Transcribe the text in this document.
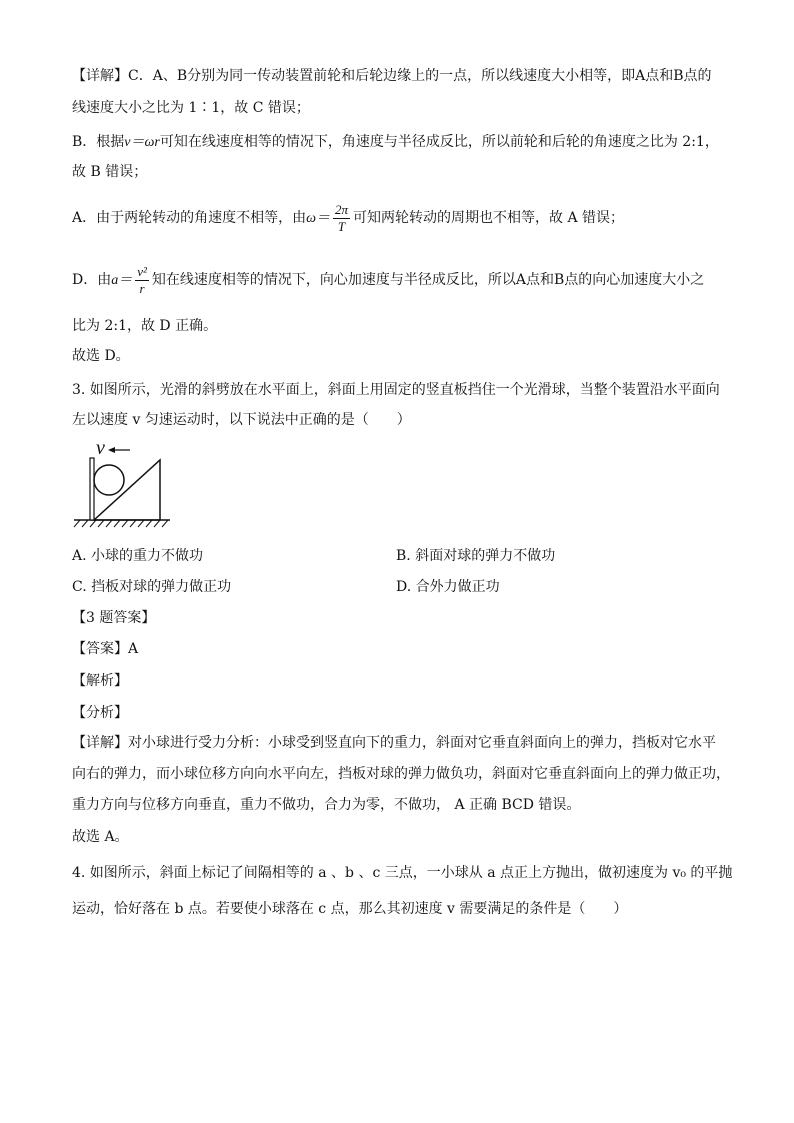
【详解】C．A、B分别为同一传动装置前轮和后轮边缘上的一点，所以线速度大小相等，即A点和B点的
线速度大小之比为 1∶1，故 C 错误；
B．根据v＝ωr可知在线速度相等的情况下，角速度与半径成反比，所以前轮和后轮的角速度之比为 2:1，
故 B 错误；
A．由于两轮转动的角速度不相等，由$\omega= \frac{2\pi}{T}$ 可知两轮转动的周期也不相等，故 A 错误；
D．由$a= \frac{\text{v²}}{r}$ 知在线速度相等的情况下，向心加速度与半径成反比，所以A点和B点的向心加速度大小之
比为 2:1，故 D 正确。
故选 D。
3. 如图所示，光滑的斜劈放在水平面上，斜面上用固定的竖直板挡住一个光滑球，当整个装置沿水平面向
左以速度 v 匀速运动时，以下说法中正确的是（　　）
v
A. 小球的重力不做功	B. 斜面对球的弹力不做功
C. 挡板对球的弹力做正功	D. 合外力做正功
【3 题答案】
【答案】A
【解析】
【分析】
【详解】对小球进行受力分析：小球受到竖直向下的重力，斜面对它垂直斜面向上的弹力，挡板对它水平
向右的弹力，而小球位移方向向水平向左，挡板对球的弹力做负功，斜面对它垂直斜面向上的弹力做正功，
重力方向与位移方向垂直，重力不做功，合力为零，不做功， A 正确 BCD 错误。
故选 A。
4. 如图所示，斜面上标记了间隔相等的 a 、b 、c 三点，一小球从 a 点正上方抛出，做初速度为 v₀ 的平抛
运动，恰好落在 b 点。若要使小球落在 c 点，那么其初速度 v 需要满足的条件是（　　）
